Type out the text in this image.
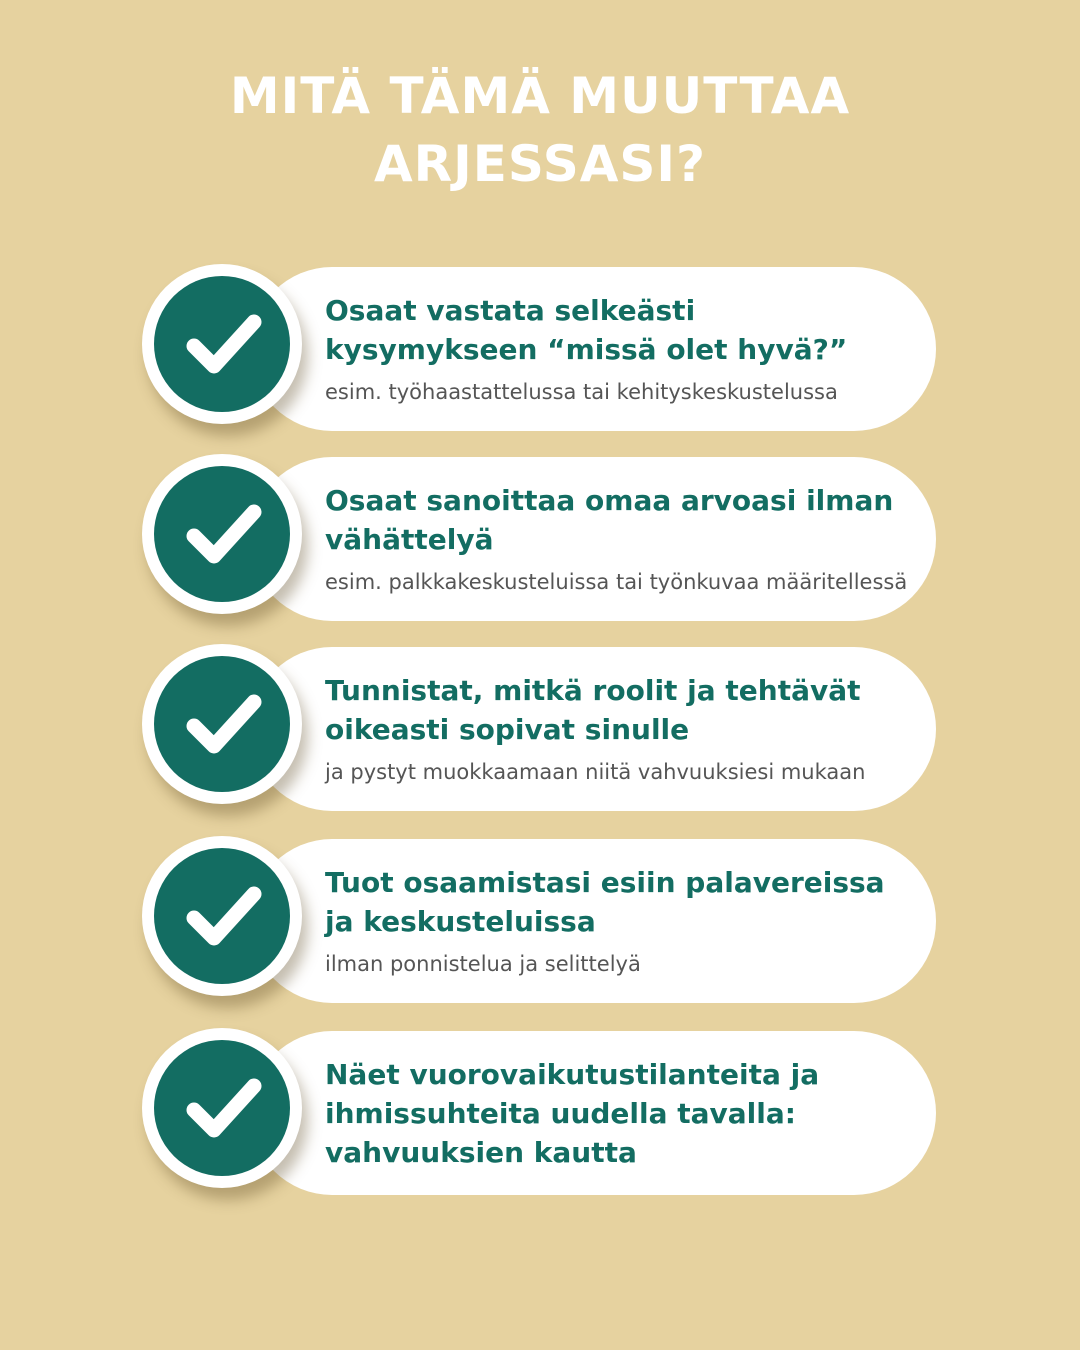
MITÄ TÄMÄ MUUTTAA
ARJESSASI?
Osaat vastata selkeästi kysymykseen “missä olet hyvä?”
esim. työhaastattelussa tai kehityskeskustelussa
Osaat sanoittaa omaa arvoasi ilman vähättelyä
esim. palkkakeskusteluissa tai työnkuvaa määritellessä
Tunnistat, mitkä roolit ja tehtävät oikeasti sopivat sinulle
ja pystyt muokkaamaan niitä vahvuuksiesi mukaan
Tuot osaamistasi esiin palavereissa ja keskusteluissa
ilman ponnistelua ja selittelyä
Näet vuorovaikutustilanteita ja ihmissuhteita uudella tavalla: vahvuuksien kautta
